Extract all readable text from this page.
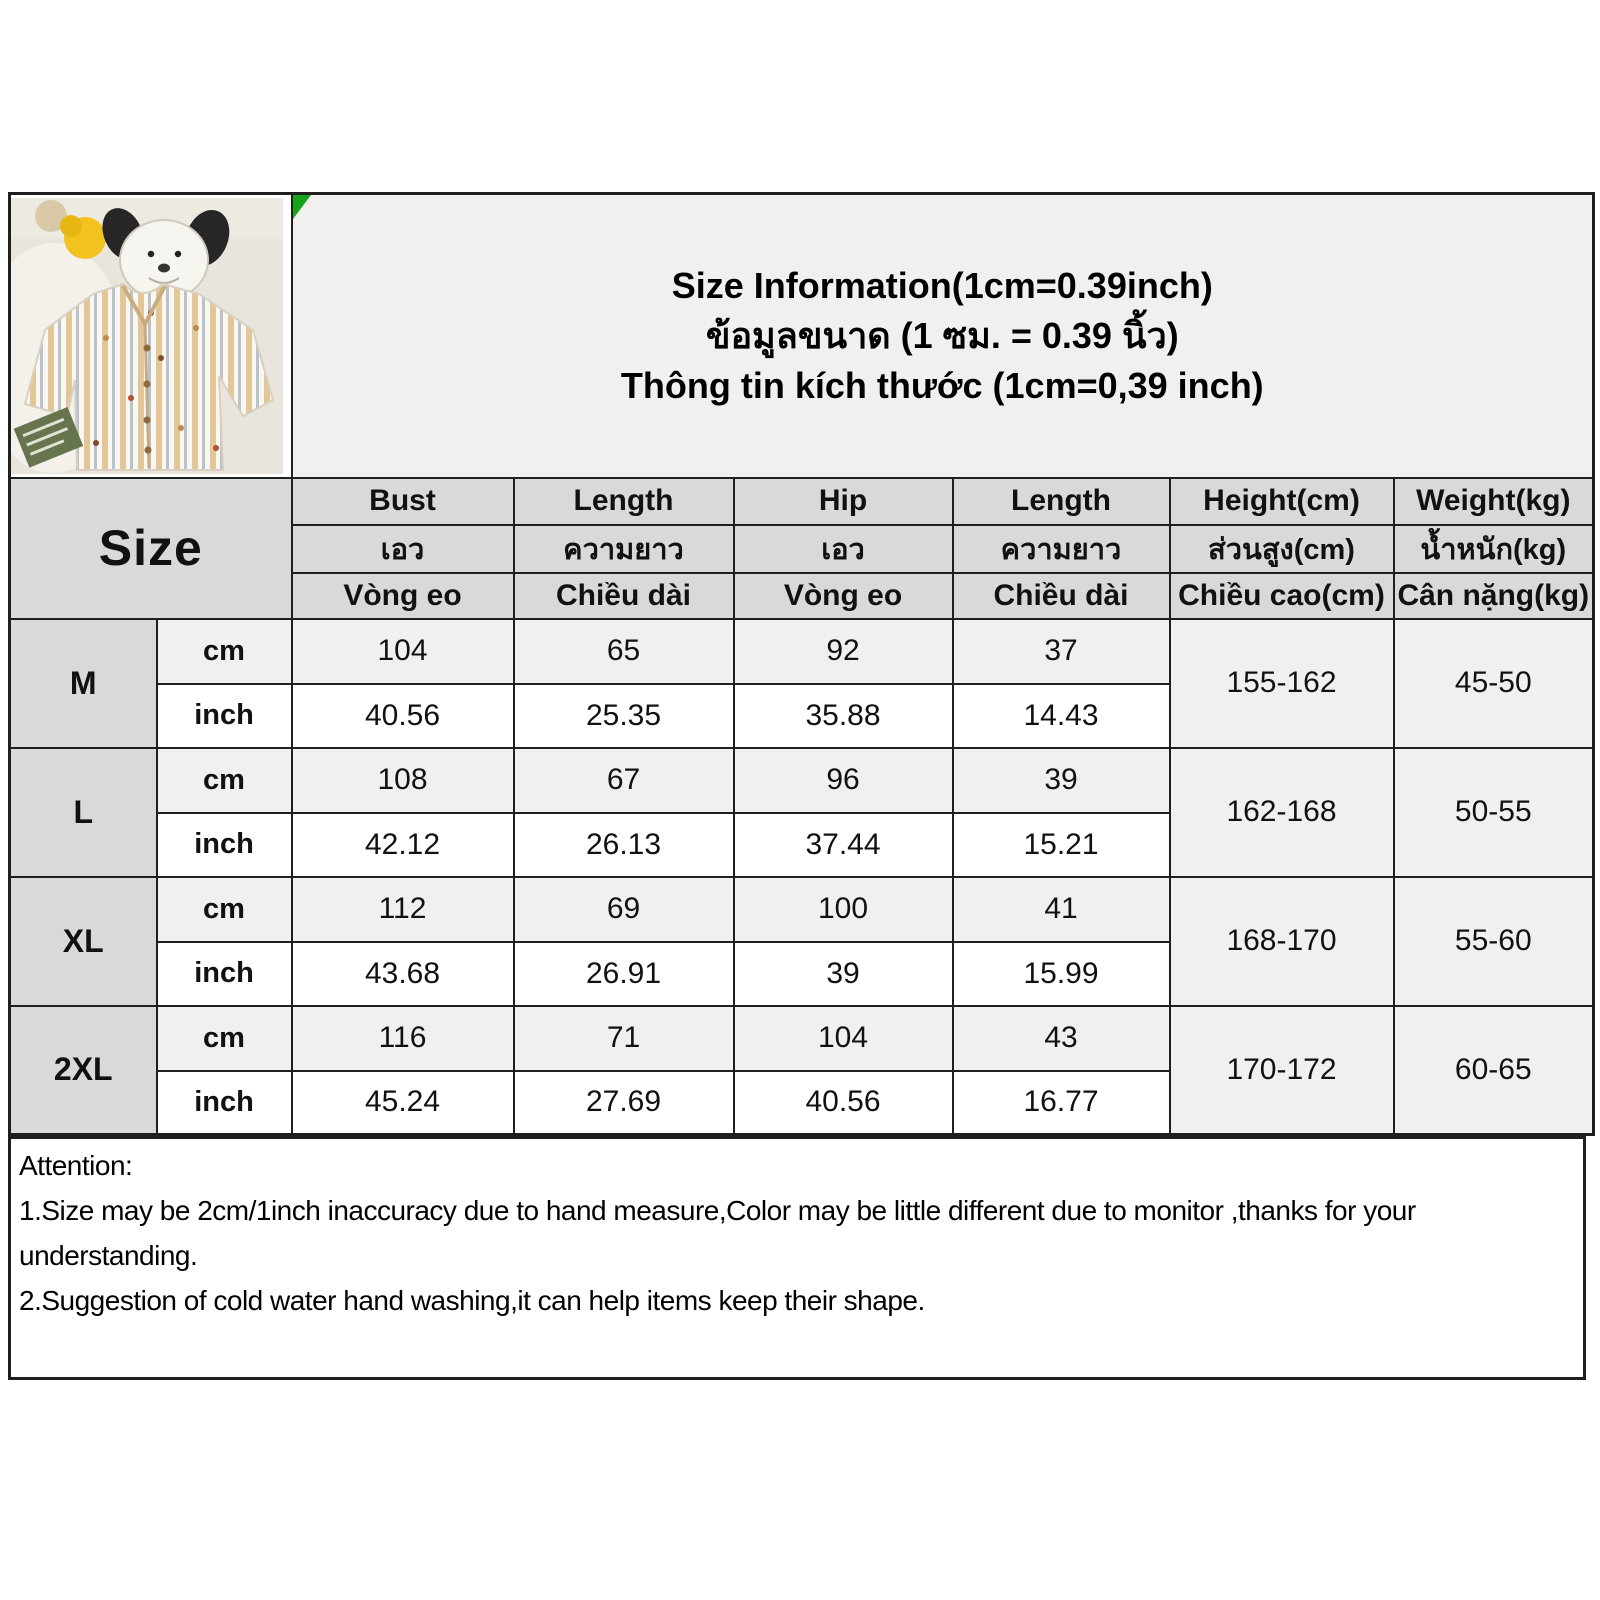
Size Information(1cm=0.39inch)
ข้อมูลขนาด (1 ซม. = 0.39 นิ้ว)
Thông tin kích thước (1cm=0,39 inch)					

Size		Bust	Length	Hip	Length	Height(cm)	Weight(kg)
		เอว	ความยาว	เอว	ความยาว	ส่วนสูง(cm)	น้ำหนัก(kg)
		Vòng eo	Chiều dài	Vòng eo	Chiều dài	Chiều cao(cm)	Cân nặng(kg)
M	cm	104	65	92	37	155-162	45-50
	inch	40.56	25.35	35.88	14.43		
L	cm	108	67	96	39	162-168	50-55
	inch	42.12	26.13	37.44	15.21		
XL	cm	112	69	100	41	168-170	55-60
	inch	43.68	26.91	39	15.99		
2XL	cm	116	71	104	43	170-172	60-65
	inch	45.24	27.69	40.56	16.77		

Attention:

1.Size may be 2cm/1inch inaccuracy due to hand measure,Color may be little different due to monitor ,thanks for your understanding.

2.Suggestion of cold water hand washing,it can help items keep their shape.
